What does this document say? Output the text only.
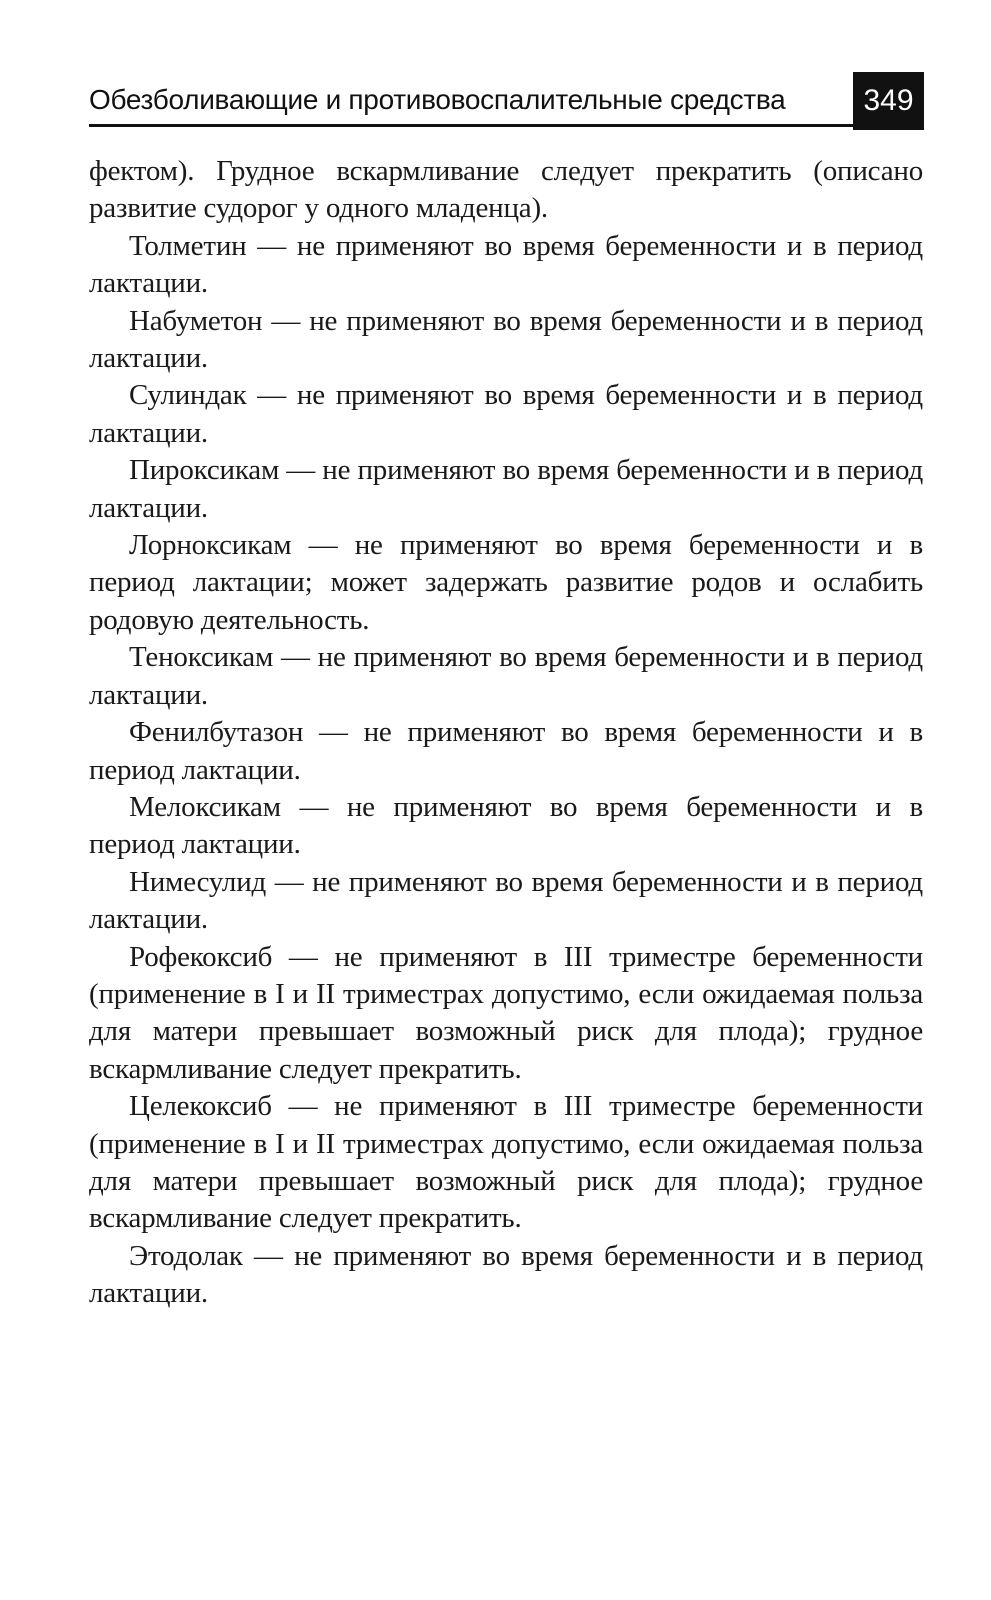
Обезболивающие и противовоспалительные средства	349

фектом). Грудное вскармливание следует прекратить (описано развитие судорог у одного младенца).

Толметин — не применяют во время беременности и в период лактации.

Набуметон — не применяют во время беременности и в период лактации.

Сулиндак — не применяют во время беременности и в период лактации.

Пироксикам — не применяют во время беременности и в период лактации.

Лорноксикам — не применяют во время беременности и в период лактации; может задержать развитие родов и ослабить родовую деятельность.

Теноксикам — не применяют во время беременности и в период лактации.

Фенилбутазон — не применяют во время беременности и в период лактации.

Мелоксикам — не применяют во время беременности и в период лактации.

Нимесулид — не применяют во время беременности и в период лактации.

Рофекоксиб — не применяют в III триместре беременности (применение в I и II триместрах допустимо, если ожидаемая польза для матери превышает возможный риск для плода); грудное вскармливание следует прекратить.

Целекоксиб — не применяют в III триместре беременности (применение в I и II триместрах допустимо, если ожидаемая польза для матери превышает возможный риск для плода); грудное вскармливание следует прекратить.

Этодолак — не применяют во время беременности и в период лактации.
